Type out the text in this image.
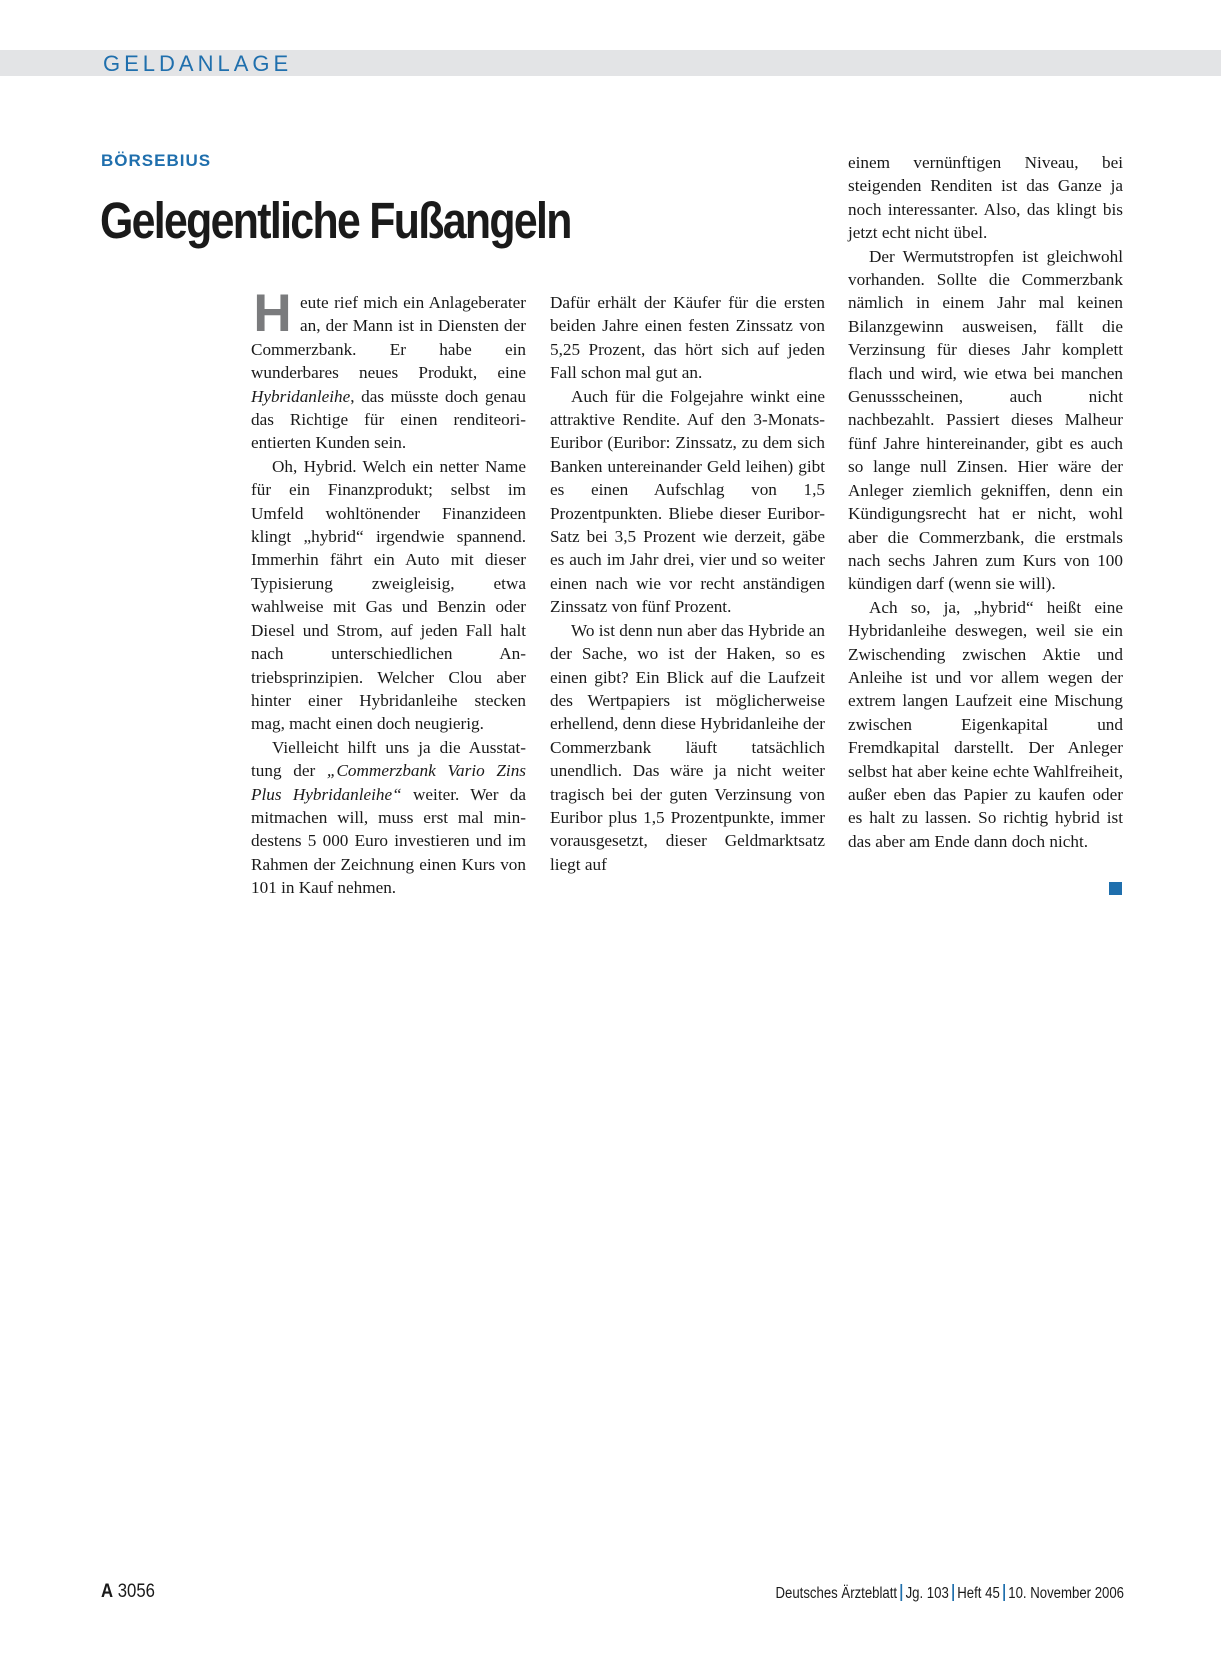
GELDANLAGE
BÖRSEBIUS
Gelegentliche Fußangeln

Heute rief mich ein Anlageberater an, der Mann ist in Diensten der Commerzbank. Er habe ein wunderbares neues Produkt, eine Hybridanleihe, das müsste doch genau das Richtige für einen renditeorientierten Kunden sein.

Oh, Hybrid. Welch ein netter Name für ein Finanzprodukt; selbst im Umfeld wohltönender Finanzideen klingt „hybrid“ irgendwie spannend. Immerhin fährt ein Auto mit dieser Typisierung zweigleisig, etwa wahlweise mit Gas und Benzin oder Diesel und Strom, auf jeden Fall halt nach unterschiedlichen Antriebsprinzipien. Welcher Clou aber hinter einer Hybridanleihe stecken mag, macht einen doch neugierig.

Vielleicht hilft uns ja die Ausstattung der „Commerzbank Vario Zins Plus Hybridanleihe“ weiter. Wer da mitmachen will, muss erst mal mindestens 5 000 Euro investieren und im Rahmen der Zeichnung einen Kurs von 101 in Kauf nehmen.

Dafür erhält der Käufer für die ersten beiden Jahre einen festen Zinssatz von 5,25 Prozent, das hört sich auf jeden Fall schon mal gut an.

Auch für die Folgejahre winkt eine attraktive Rendite. Auf den 3-Monats-Euribor (Euribor: Zinssatz, zu dem sich Banken untereinander Geld leihen) gibt es einen Aufschlag von 1,5 Prozentpunkten. Bliebe dieser Euribor-Satz bei 3,5 Prozent wie derzeit, gäbe es auch im Jahr drei, vier und so weiter einen nach wie vor recht anständigen Zinssatz von fünf Prozent.

Wo ist denn nun aber das Hybride an der Sache, wo ist der Haken, so es einen gibt? Ein Blick auf die Laufzeit des Wertpapiers ist möglicherweise erhellend, denn diese Hybridanleihe der Commerzbank läuft tatsächlich unendlich. Das wäre ja nicht weiter tragisch bei der guten Verzinsung von Euribor plus 1,5 Prozentpunkte, immer vorausgesetzt, dieser Geldmarktsatz liegt auf

einem vernünftigen Niveau, bei steigenden Renditen ist das Ganze ja noch interessanter. Also, das klingt bis jetzt echt nicht übel.

Der Wermutstropfen ist gleichwohl vorhanden. Sollte die Commerzbank nämlich in einem Jahr mal keinen Bilanzgewinn ausweisen, fällt die Verzinsung für dieses Jahr komplett flach und wird, wie etwa bei manchen Genussscheinen, auch nicht nachbezahlt. Passiert dieses Malheur fünf Jahre hintereinander, gibt es auch so lange null Zinsen. Hier wäre der Anleger ziemlich gekniffen, denn ein Kündigungsrecht hat er nicht, wohl aber die Commerzbank, die erstmals nach sechs Jahren zum Kurs von 100 kündigen darf (wenn sie will).

Ach so, ja, „hybrid“ heißt eine Hybridanleihe deswegen, weil sie ein Zwischending zwischen Aktie und Anleihe ist und vor allem wegen der extrem langen Laufzeit eine Mischung zwischen Eigenkapital und Fremdkapital darstellt. Der Anleger selbst hat aber keine echte Wahlfreiheit, außer eben das Papier zu kaufen oder es halt zu lassen. So richtig hybrid ist das aber am Ende dann doch nicht.

A 3056	Deutsches Ärzteblatt Jg. 103 Heft 45 10. November 2006
